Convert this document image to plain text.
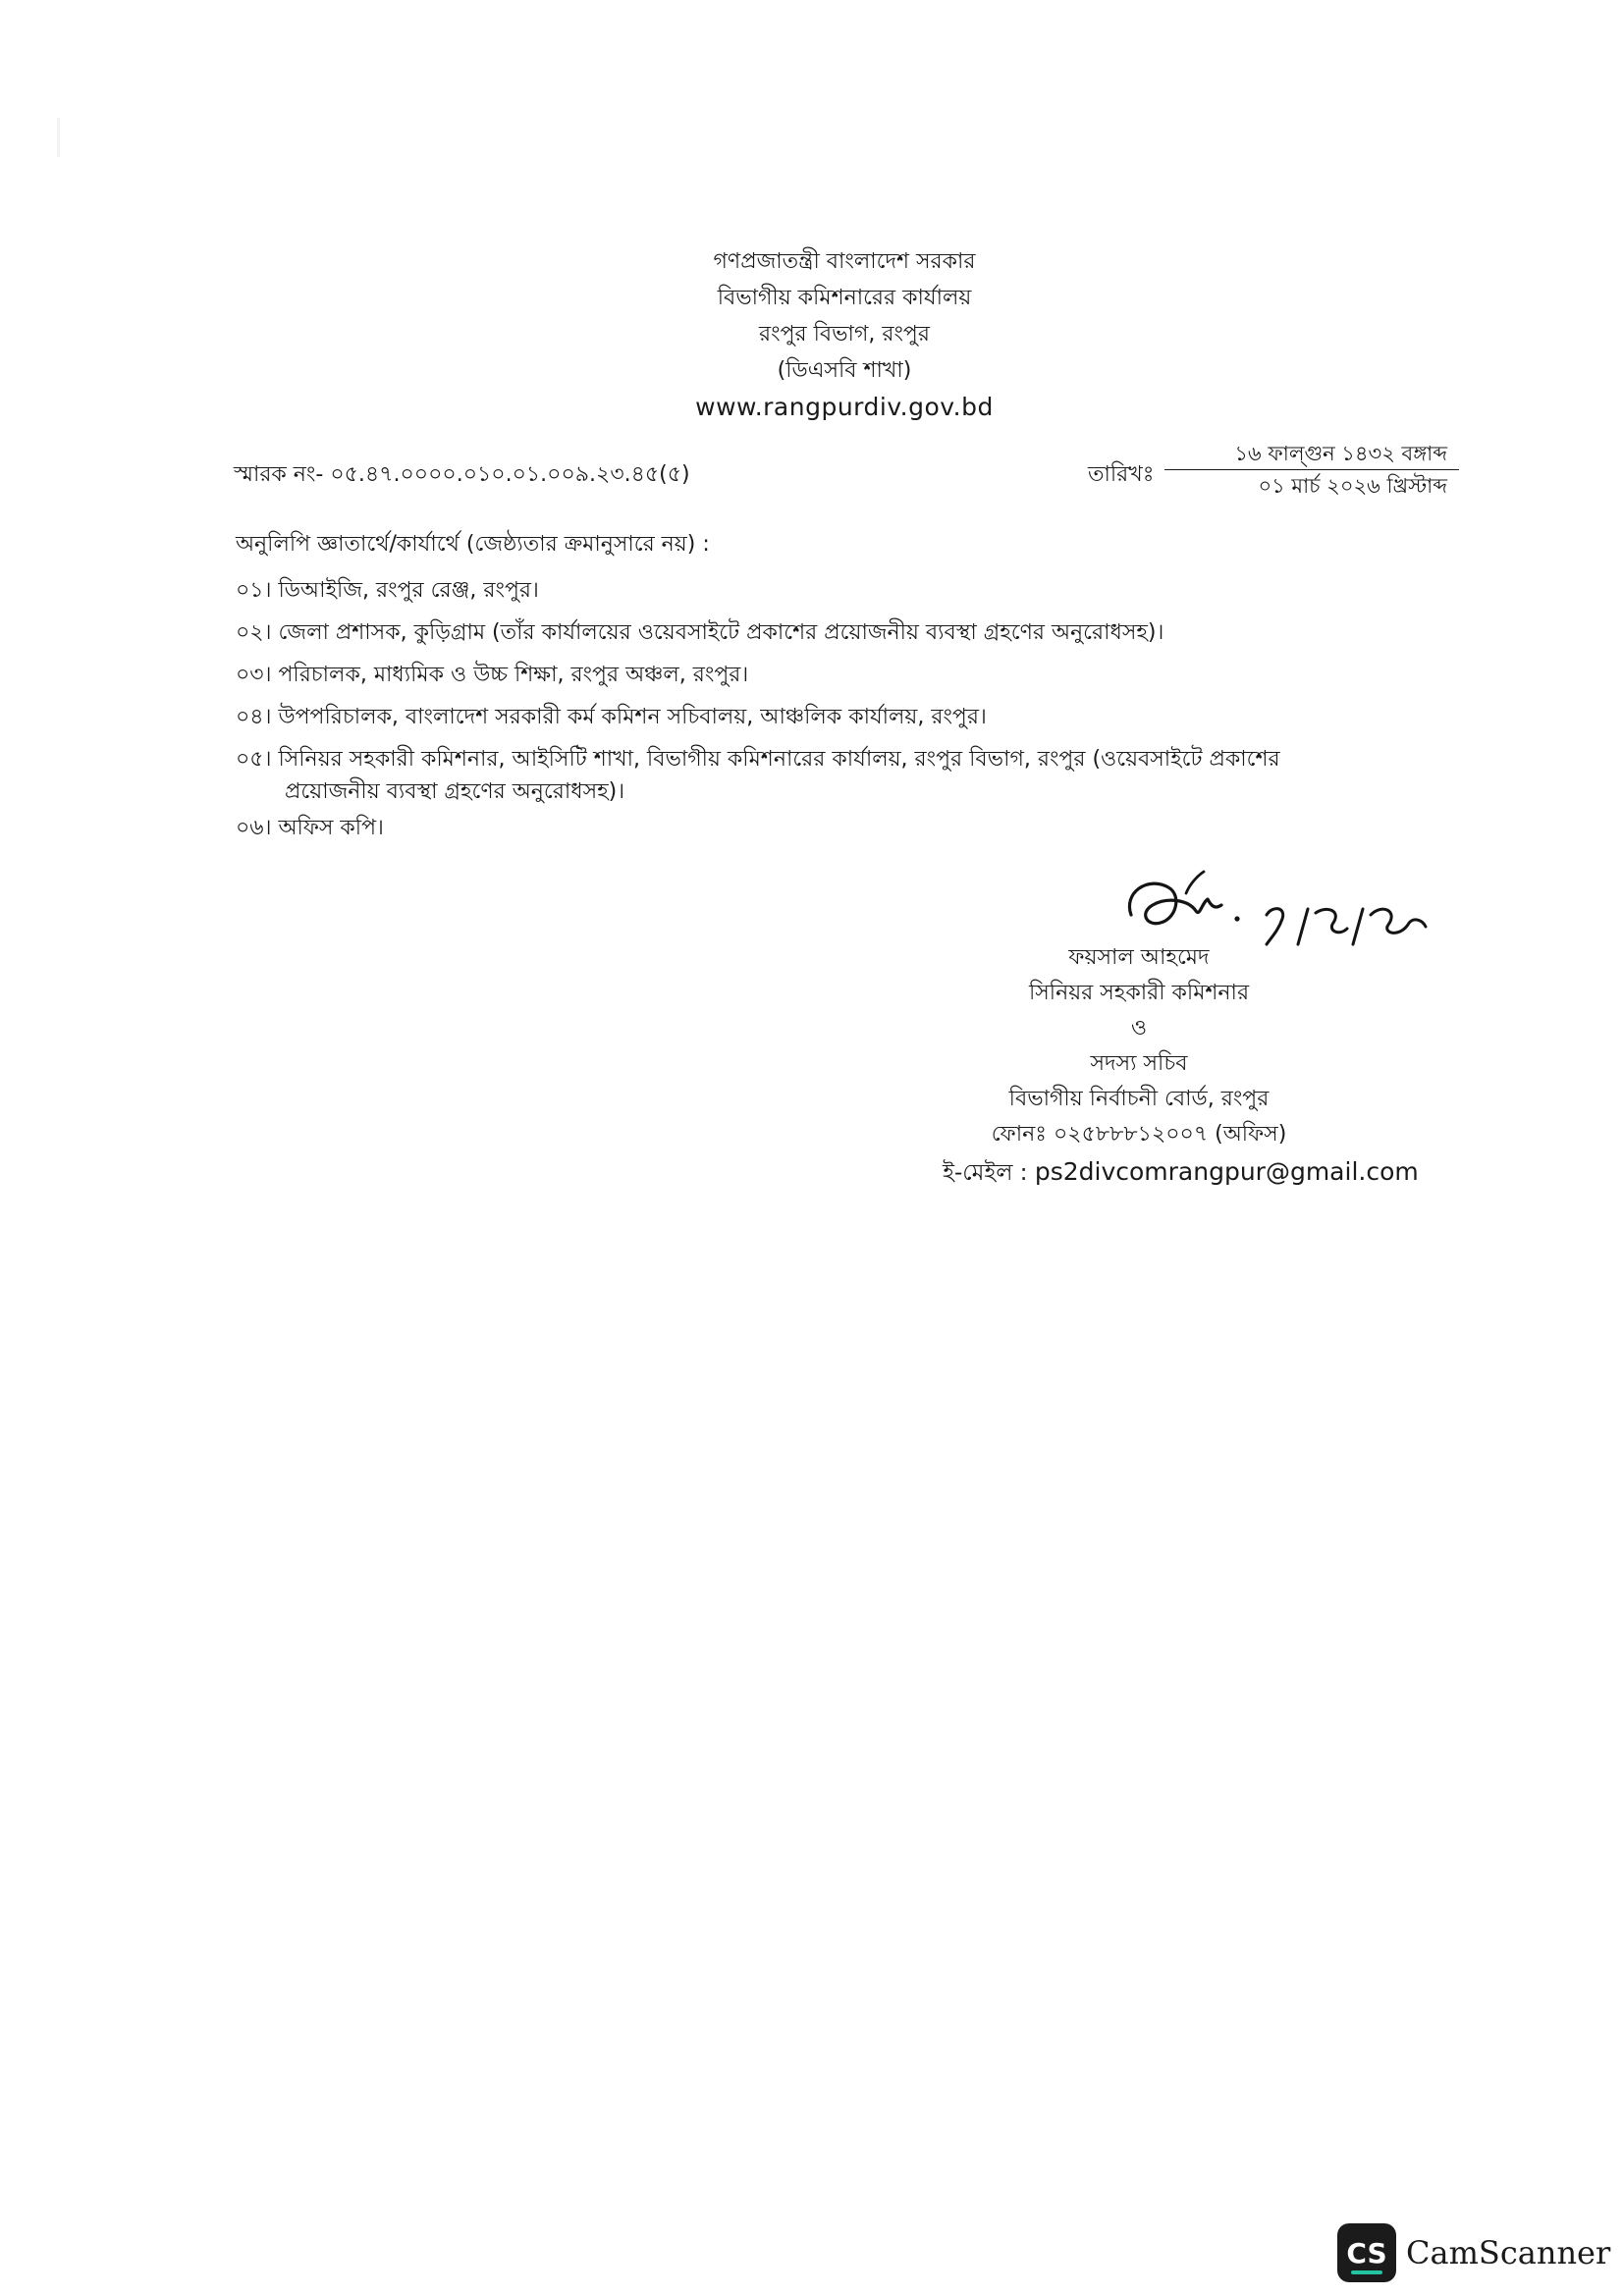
গণপ্রজাতন্ত্রী বাংলাদেশ সরকার
বিভাগীয় কমিশনারের কার্যালয়
রংপুর বিভাগ, রংপুর
(ডিএসবি শাখা)
www.rangpurdiv.gov.bd
স্মারক নং- ০৫.৪৭.০০০০.০১০.০১.০০৯.২৩.৪৫(৫)	তারিখঃ
১৬ ফাল্গুন ১৪৩২ বঙ্গাব্দ
০১ মার্চ ২০২৬ খ্রিস্টাব্দ
অনুলিপি জ্ঞাতার্থে/কার্যার্থে (জেষ্ঠ্যতার ক্রমানুসারে নয়) :
০১। ডিআইজি, রংপুর রেঞ্জ, রংপুর।
০২। জেলা প্রশাসক, কুড়িগ্রাম (তাঁর কার্যালয়ের ওয়েবসাইটে প্রকাশের প্রয়োজনীয় ব্যবস্থা গ্রহণের অনুরোধসহ)।
০৩। পরিচালক, মাধ্যমিক ও উচ্চ শিক্ষা, রংপুর অঞ্চল, রংপুর।
০৪। উপপরিচালক, বাংলাদেশ সরকারী কর্ম কমিশন সচিবালয়, আঞ্চলিক কার্যালয়, রংপুর।
০৫। সিনিয়র সহকারী কমিশনার, আইসিটি শাখা, বিভাগীয় কমিশনারের কার্যালয়, রংপুর বিভাগ, রংপুর (ওয়েবসাইটে প্রকাশের
প্রয়োজনীয় ব্যবস্থা গ্রহণের অনুরোধসহ)।
০৬। অফিস কপি।
ফয়সাল আহমেদ
সিনিয়র সহকারী কমিশনার
ও
সদস্য সচিব
বিভাগীয় নির্বাচনী বোর্ড, রংপুর
ফোনঃ ০২৫৮৮৮১২০০৭ (অফিস)
ই-মেইল : ps2divcomrangpur@gmail.com
CS CamScanner
